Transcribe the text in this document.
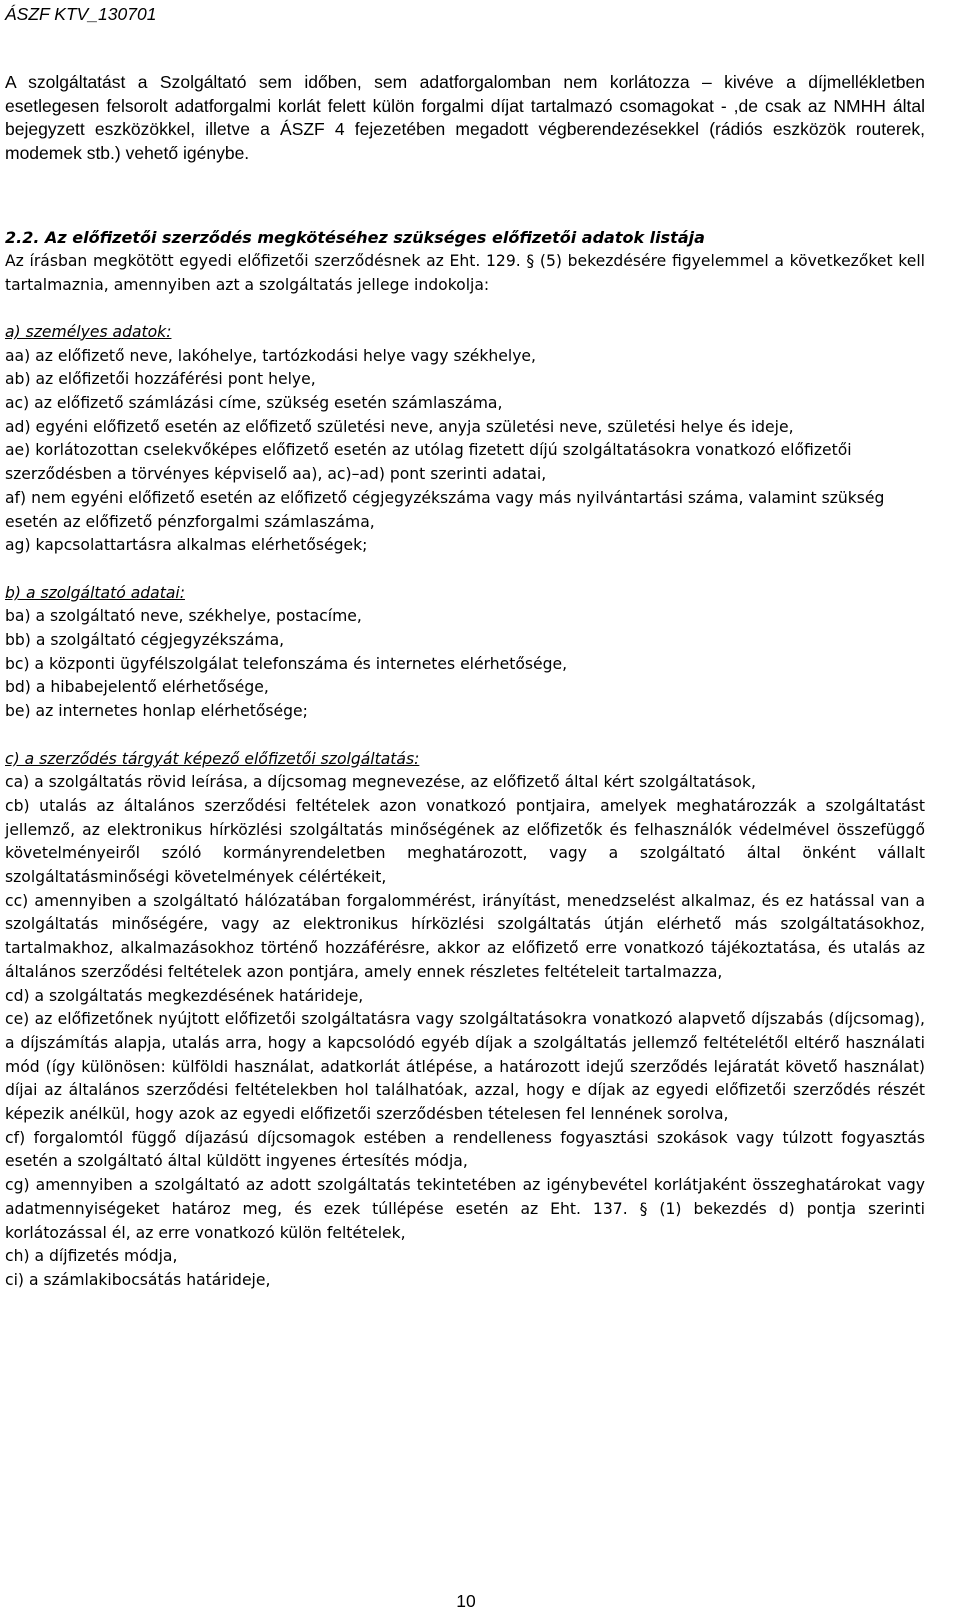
ÁSZF KTV_130701

A szolgáltatást a Szolgáltató sem időben, sem adatforgalomban nem korlátozza – kivéve a díjmellékletben esetlegesen felsorolt adatforgalmi korlát felett külön forgalmi díjat tartalmazó csomagokat - ,de csak az NMHH által bejegyzett eszközökkel, illetve a ÁSZF 4 fejezetében megadott végberendezésekkel (rádiós eszközök routerek, modemek stb.) vehető igénybe.

2.2. Az előfizetői szerződés megkötéséhez szükséges előfizetői adatok listája

Az írásban megkötött egyedi előfizetői szerződésnek az Eht. 129. § (5) bekezdésére figyelemmel a következőket kell tartalmaznia, amennyiben azt a szolgáltatás jellege indokolja:

a) személyes adatok:

aa) az előfizető neve, lakóhelye, tartózkodási helye vagy székhelye,

ab) az előfizetői hozzáférési pont helye,

ac) az előfizető számlázási címe, szükség esetén számlaszáma,

ad) egyéni előfizető esetén az előfizető születési neve, anyja születési neve, születési helye és ideje,

ae) korlátozottan cselekvőképes előfizető esetén az utólag fizetett díjú szolgáltatásokra vonatkozó előfizetői

szerződésben a törvényes képviselő aa), ac)–ad) pont szerinti adatai,

af) nem egyéni előfizető esetén az előfizető cégjegyzékszáma vagy más nyilvántartási száma, valamint szükség

esetén az előfizető pénzforgalmi számlaszáma,

ag) kapcsolattartásra alkalmas elérhetőségek;

b) a szolgáltató adatai:

ba) a szolgáltató neve, székhelye, postacíme,

bb) a szolgáltató cégjegyzékszáma,

bc) a központi ügyfélszolgálat telefonszáma és internetes elérhetősége,

bd) a hibabejelentő elérhetősége,

be) az internetes honlap elérhetősége;

c) a szerződés tárgyát képező előfizetői szolgáltatás:

ca) a szolgáltatás rövid leírása, a díjcsomag megnevezése, az előfizető által kért szolgáltatások,

cb) utalás az általános szerződési feltételek azon vonatkozó pontjaira, amelyek meghatározzák a szolgáltatást jellemző, az elektronikus hírközlési szolgáltatás minőségének az előfizetők és felhasználók védelmével összefüggő követelményeiről szóló kormányrendeletben meghatározott, vagy a szolgáltató által önként vállalt szolgáltatásminőségi követelmények célértékeit,

cc) amennyiben a szolgáltató hálózatában forgalommérést, irányítást, menedzselést alkalmaz, és ez hatással van a szolgáltatás minőségére, vagy az elektronikus hírközlési szolgáltatás útján elérhető más szolgáltatásokhoz, tartalmakhoz, alkalmazásokhoz történő hozzáférésre, akkor az előfizető erre vonatkozó tájékoztatása, és utalás az általános szerződési feltételek azon pontjára, amely ennek részletes feltételeit tartalmazza,

cd) a szolgáltatás megkezdésének határideje,

ce) az előfizetőnek nyújtott előfizetői szolgáltatásra vagy szolgáltatásokra vonatkozó alapvető díjszabás (díjcsomag), a díjszámítás alapja, utalás arra, hogy a kapcsolódó egyéb díjak a szolgáltatás jellemző feltételétől eltérő használati mód (így különösen: külföldi használat, adatkorlát átlépése, a határozott idejű szerződés lejáratát követő használat) díjai az általános szerződési feltételekben hol találhatóak, azzal, hogy e díjak az egyedi előfizetői szerződés részét képezik anélkül, hogy azok az egyedi előfizetői szerződésben tételesen fel lennének sorolva,

cf) forgalomtól függő díjazású díjcsomagok estében a rendelleness fogyasztási szokások vagy túlzott fogyasztás esetén a szolgáltató által küldött ingyenes értesítés módja,

cg) amennyiben a szolgáltató az adott szolgáltatás tekintetében az igénybevétel korlátjaként összeghatárokat vagy adatmennyiségeket határoz meg, és ezek túllépése esetén az Eht. 137. § (1) bekezdés d) pontja szerinti korlátozással él, az erre vonatkozó külön feltételek,

ch) a díjfizetés módja,

ci) a számlakibocsátás határideje,

10
